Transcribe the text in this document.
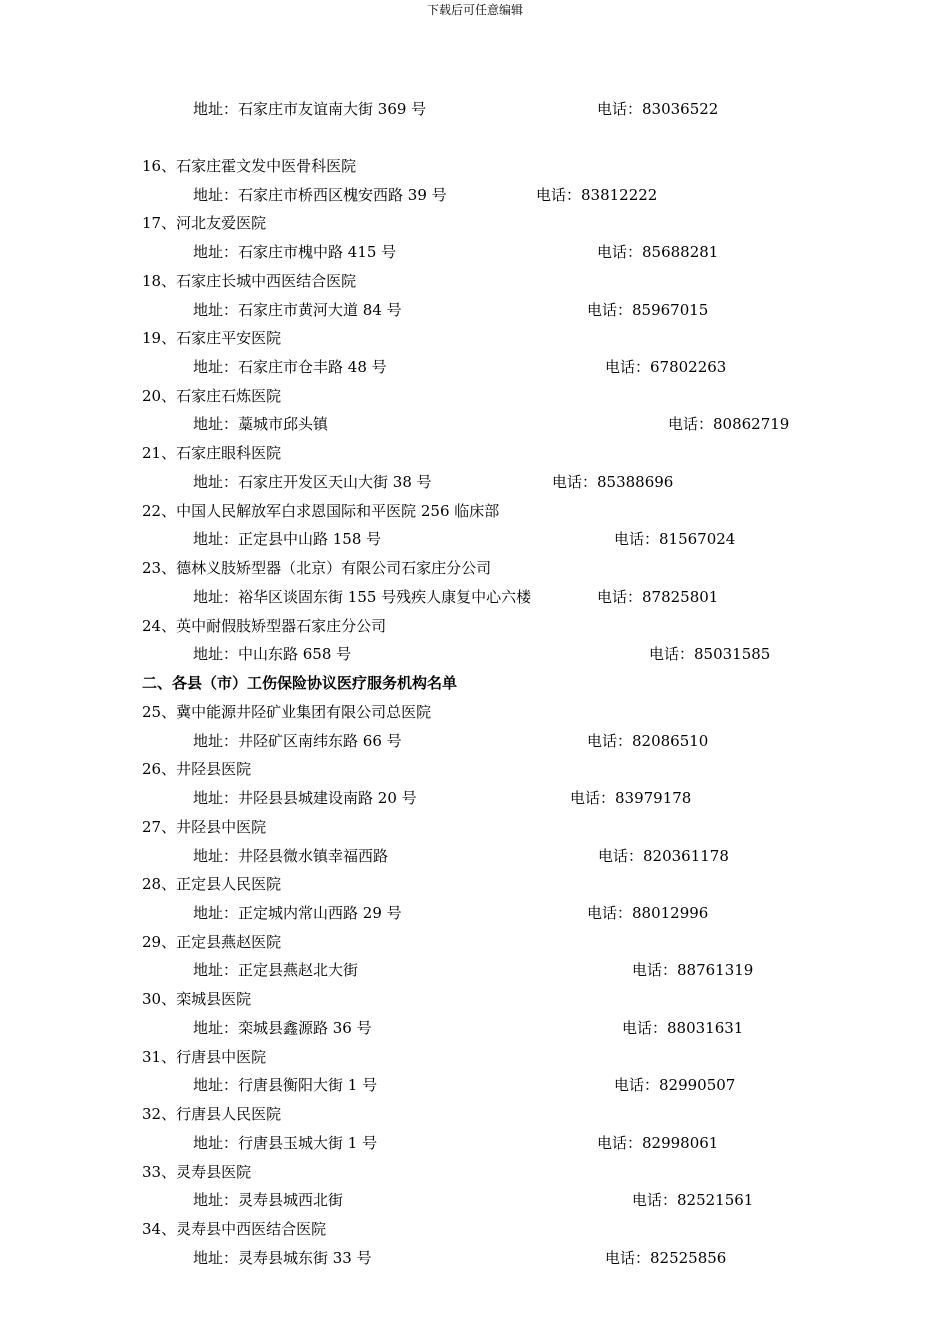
下载后可任意编辑
地址：石家庄市友谊南大街 369 号	电话：83036522
16、石家庄霍文发中医骨科医院
地址：石家庄市桥西区槐安西路 39 号	电话：83812222
17、河北友爱医院
地址：石家庄市槐中路 415 号	电话：85688281
18、石家庄长城中西医结合医院
地址：石家庄市黄河大道 84 号	电话：85967015
19、石家庄平安医院
地址：石家庄市仓丰路 48 号	电话：67802263
20、石家庄石炼医院
地址：藁城市邱头镇	电话：80862719
21、石家庄眼科医院
地址：石家庄开发区天山大街 38 号	电话：85388696
22、中国人民解放军白求恩国际和平医院 256 临床部
地址：正定县中山路 158 号	电话：81567024
23、德林义肢矫型器（北京）有限公司石家庄分公司
地址：裕华区谈固东街 155 号残疾人康复中心六楼	电话：87825801
24、英中耐假肢矫型器石家庄分公司
地址：中山东路 658 号	电话：85031585
二、各县（市）工伤保险协议医疗服务机构名单
25、冀中能源井陉矿业集团有限公司总医院
地址：井陉矿区南纬东路 66 号	电话：82086510
26、井陉县医院
地址：井陉县县城建设南路 20 号	电话：83979178
27、井陉县中医院
地址：井陉县微水镇幸福西路	电话：820361178
28、正定县人民医院
地址：正定城内常山西路 29 号	电话：88012996
29、正定县燕赵医院
地址：正定县燕赵北大街	电话：88761319
30、栾城县医院
地址：栾城县鑫源路 36 号	电话：88031631
31、行唐县中医院
地址：行唐县衡阳大街 1 号	电话：82990507
32、行唐县人民医院
地址：行唐县玉城大街 1 号	电话：82998061
33、灵寿县医院
地址：灵寿县城西北街	电话：82521561
34、灵寿县中西医结合医院
地址：灵寿县城东街 33 号	电话：82525856
